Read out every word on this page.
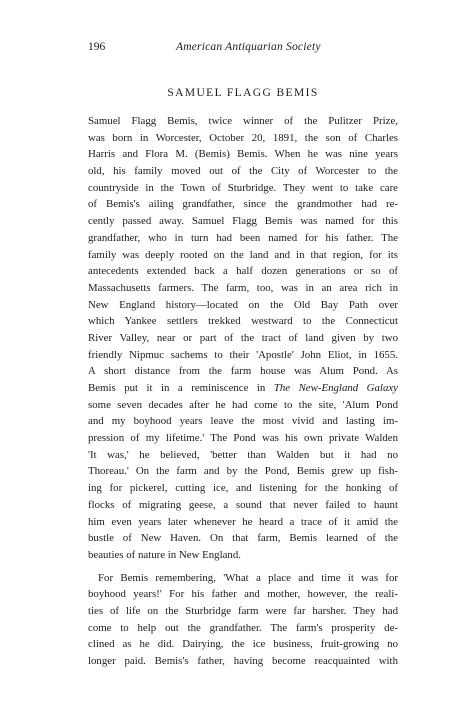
196	American Antiquarian Society
SAMUEL FLAGG BEMIS
Samuel Flagg Bemis, twice winner of the Pulitzer Prize,
was born in Worcester, October 20, 1891, the son of Charles
Harris and Flora M. (Bemis) Bemis. When he was nine years
old, his family moved out of the City of Worcester to the
countryside in the Town of Sturbridge. They went to take care
of Bemis's ailing grandfather, since the grandmother had re-
cently passed away. Samuel Flagg Bemis was named for this
grandfather, who in turn had been named for his father. The
family was deeply rooted on the land and in that region, for its
antecedents extended back a half dozen generations or so of
Massachusetts farmers. The farm, too, was in an area rich in
New England history—located on the Old Bay Path over
which Yankee settlers trekked westward to the Connecticut
River Valley, near or part of the tract of land given by two
friendly Nipmuc sachems to their 'Apostle' John Eliot, in 1655.
A short distance from the farm house was Alum Pond. As
Bemis put it in a reminiscence in The New-England Galaxy
some seven decades after he had come to the site, 'Alum Pond
and my boyhood years leave the most vivid and lasting im-
pression of my lifetime.' The Pond was his own private Walden
'It was,' he believed, 'better than Walden but it had no
Thoreau.' On the farm and by the Pond, Bemis grew up fish-
ing for pickerel, cutting ice, and listening for the honking of
flocks of migrating geese, a sound that never failed to haunt
him even years later whenever he heard a trace of it amid the
bustle of New Haven. On that farm, Bemis learned of the
beauties of nature in New England.
For Bemis remembering, 'What a place and time it was for
boyhood years!' For his father and mother, however, the reali-
ties of life on the Sturbridge farm were far harsher. They had
come to help out the grandfather. The farm's prosperity de-
clined as he did. Dairying, the ice business, fruit-growing no
longer paid. Bemis's father, having become reacquainted with
